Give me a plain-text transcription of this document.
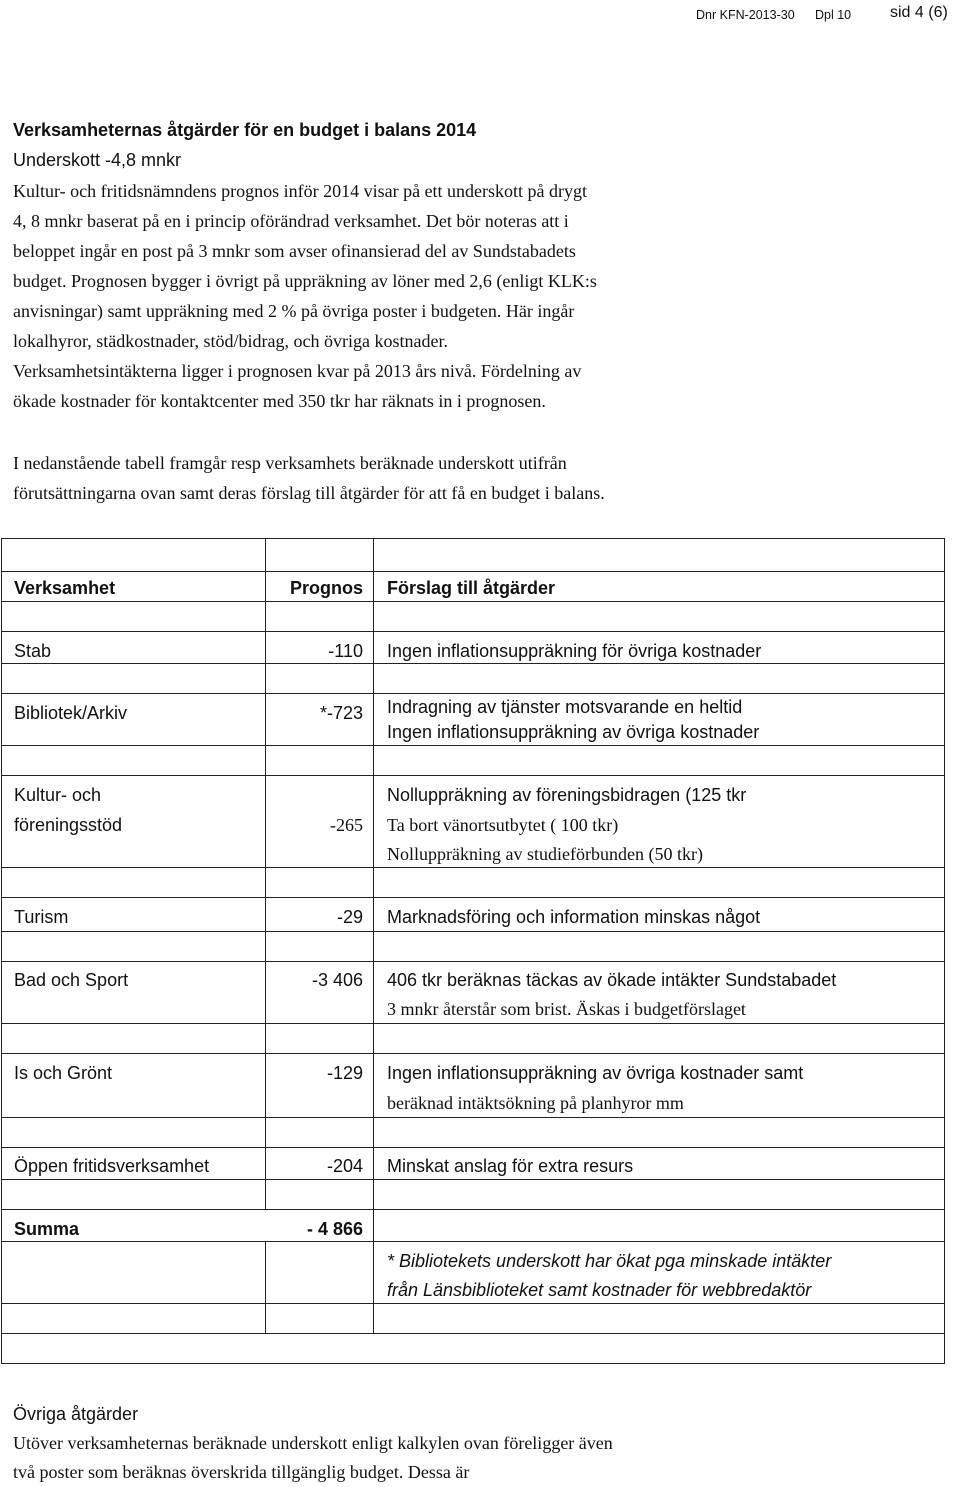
Dnr KFN-2013-30 Dpl 10 sid 4 (6)
Verksamheternas åtgärder för en budget i balans 2014
Underskott -4,8 mnkr
Kultur- och fritidsnämndens prognos inför 2014 visar på ett underskott på drygt
4, 8 mnkr baserat på en i princip oförändrad verksamhet. Det bör noteras att i
beloppet ingår en post på 3 mnkr som avser ofinansierad del av Sundstabadets
budget. Prognosen bygger i övrigt på uppräkning av löner med 2,6 (enligt KLK:s
anvisningar) samt uppräkning med 2 % på övriga poster i budgeten. Här ingår
lokalhyror, städkostnader, stöd/bidrag, och övriga kostnader.
Verksamhetsintäkterna ligger i prognosen kvar på 2013 års nivå. Fördelning av
ökade kostnader för kontaktcenter med 350 tkr har räknats in i prognosen.
I nedanstående tabell framgår resp verksamhets beräknade underskott utifrån
förutsättningarna ovan samt deras förslag till åtgärder för att få en budget i balans.
Verksamhet	Prognos Förslag till åtgärder
Stab	-110 Ingen inflationsuppräkning för övriga kostnader
Bibliotek/Arkiv	*-723 Indragning av tjänster motsvarande en heltid
Ingen inflationsuppräkning av övriga kostnader
Kultur- och
föreningsstöd	-265
Nolluppräkning av föreningsbidragen (125 tkr
Ta bort vänortsutbytet ( 100 tkr)
Nolluppräkning av studieförbunden (50 tkr)
Turism	-29 Marknadsföring och information minskas något
Bad och Sport	-3 406 406 tkr beräknas täckas av ökade intäkter Sundstabadet
3 mnkr återstår som brist. Äskas i budgetförslaget
Is och Grönt	-129 Ingen inflationsuppräkning av övriga kostnader samt
beräknad intäktsökning på planhyror mm
Öppen fritidsverksamhet	-204 Minskat anslag för extra resurs
Summa	- 4 866
* Bibliotekets underskott har ökat pga minskade intäkter
från Länsbiblioteket samt kostnader för webbredaktör
Övriga åtgärder
Utöver verksamheternas beräknade underskott enligt kalkylen ovan föreligger även
två poster som beräknas överskrida tillgänglig budget. Dessa är
